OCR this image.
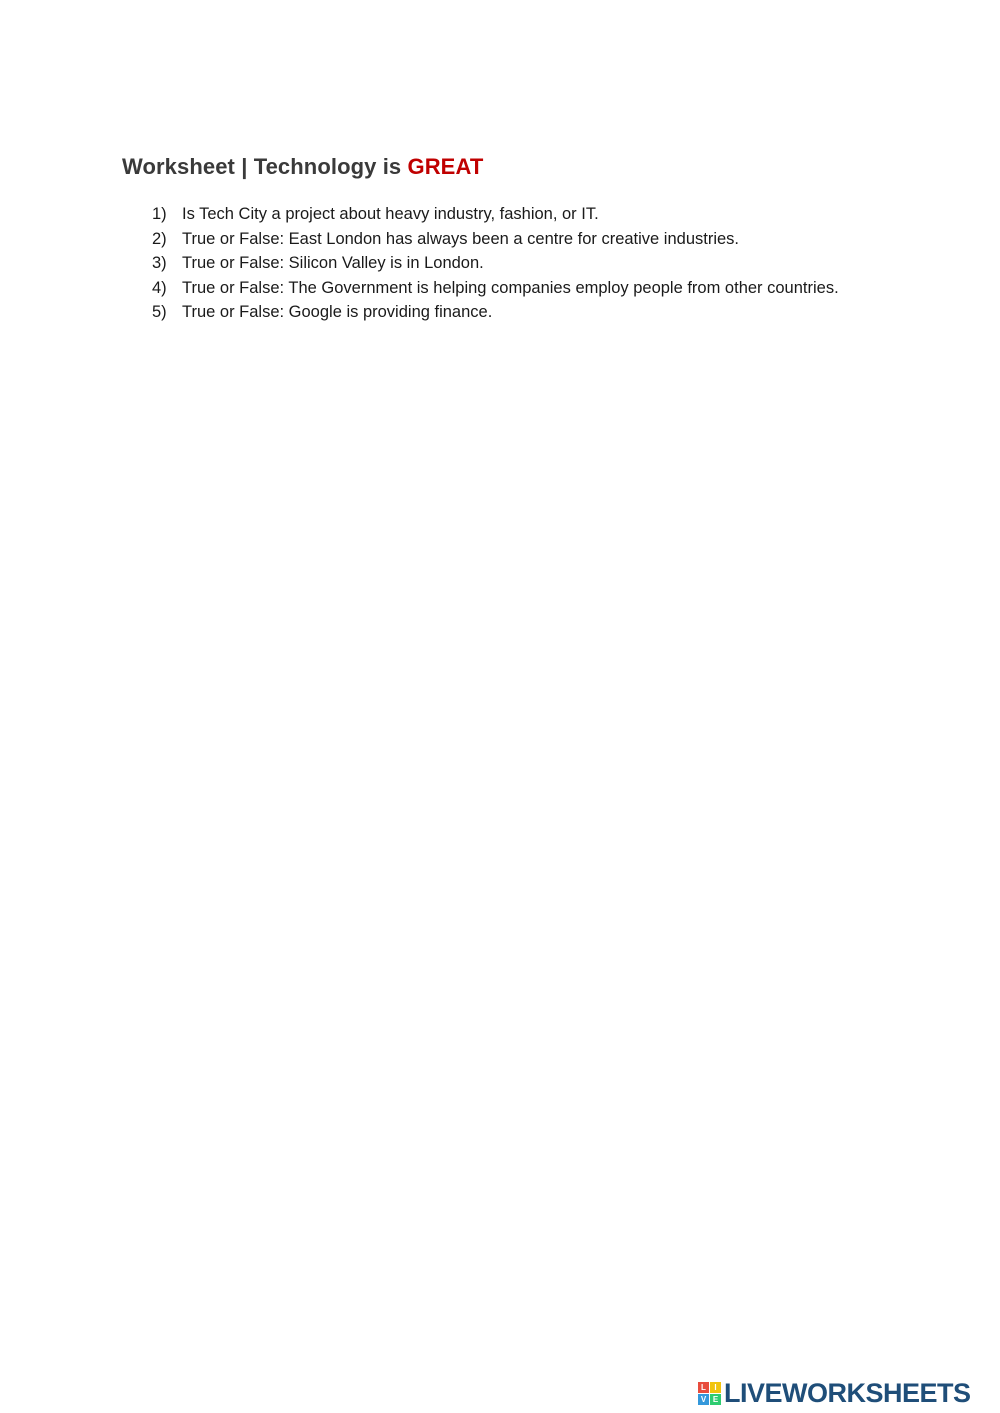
Worksheet | Technology is GREAT
1) Is Tech City a project about heavy industry, fashion, or IT.
2) True or False: East London has always been a centre for creative industries.
3) True or False: Silicon Valley is in London.
4) True or False: The Government is helping companies employ people from other countries.
5) True or False: Google is providing finance.
L	I
V E LIVEWORKSHEETS
